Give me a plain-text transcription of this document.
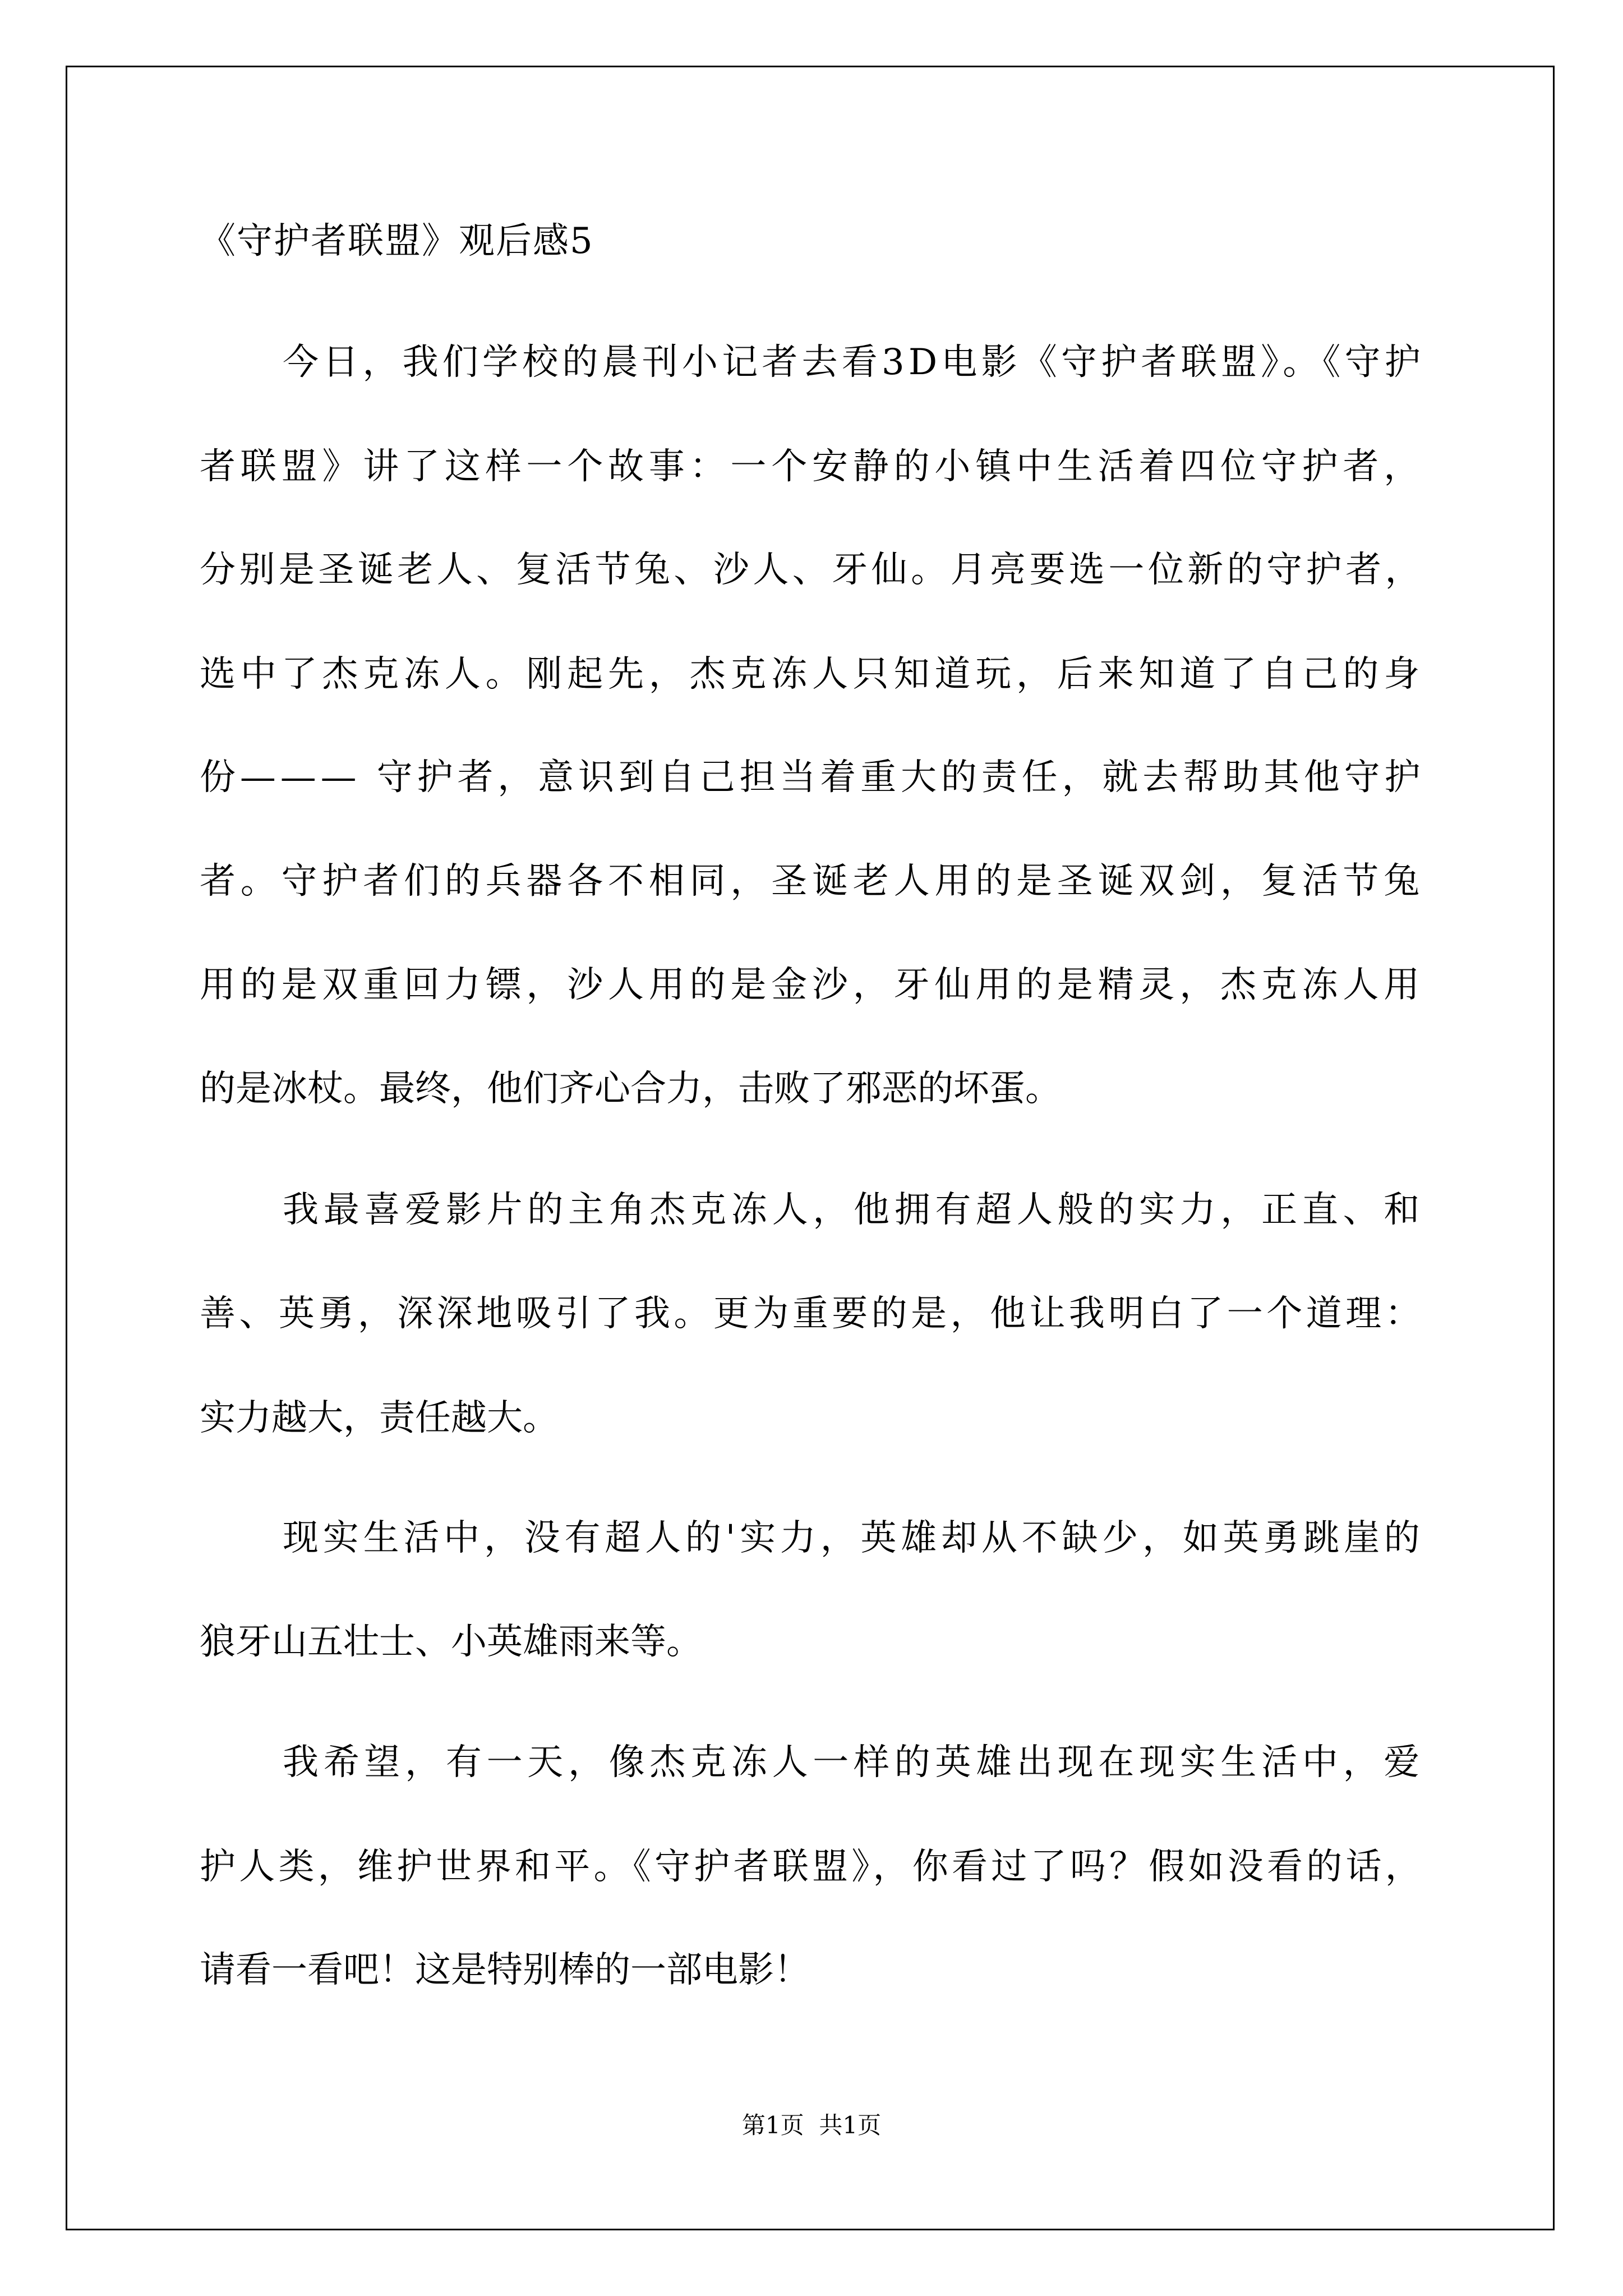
《守护者联盟》观后感5

今日，我们学校的晨刊小记者去看3D电影《守护者联盟》。《守护

者联盟》讲了这样一个故事：一个安静的小镇中生活着四位守护者，

分别是圣诞老人、复活节兔、沙人、牙仙。月亮要选一位新的守护者，

选中了杰克冻人。刚起先，杰克冻人只知道玩，后来知道了自己的身

份——— 守护者，意识到自己担当着重大的责任，就去帮助其他守护

者。守护者们的兵器各不相同，圣诞老人用的是圣诞双剑，复活节兔

用的是双重回力镖，沙人用的是金沙，牙仙用的是精灵，杰克冻人用

的是冰杖。最终，他们齐心合力，击败了邪恶的坏蛋。

我最喜爱影片的主角杰克冻人，他拥有超人般的实力，正直、和

善、英勇，深深地吸引了我。更为重要的是，他让我明白了一个道理：

实力越大，责任越大。

现实生活中，没有超人的'实力，英雄却从不缺少，如英勇跳崖的

狼牙山五壮士、小英雄雨来等。

我希望，有一天，像杰克冻人一样的英雄出现在现实生活中，爱

护人类，维护世界和平。《守护者联盟》，你看过了吗？假如没看的话，

请看一看吧！这是特别棒的一部电影！

第1页  共1页
